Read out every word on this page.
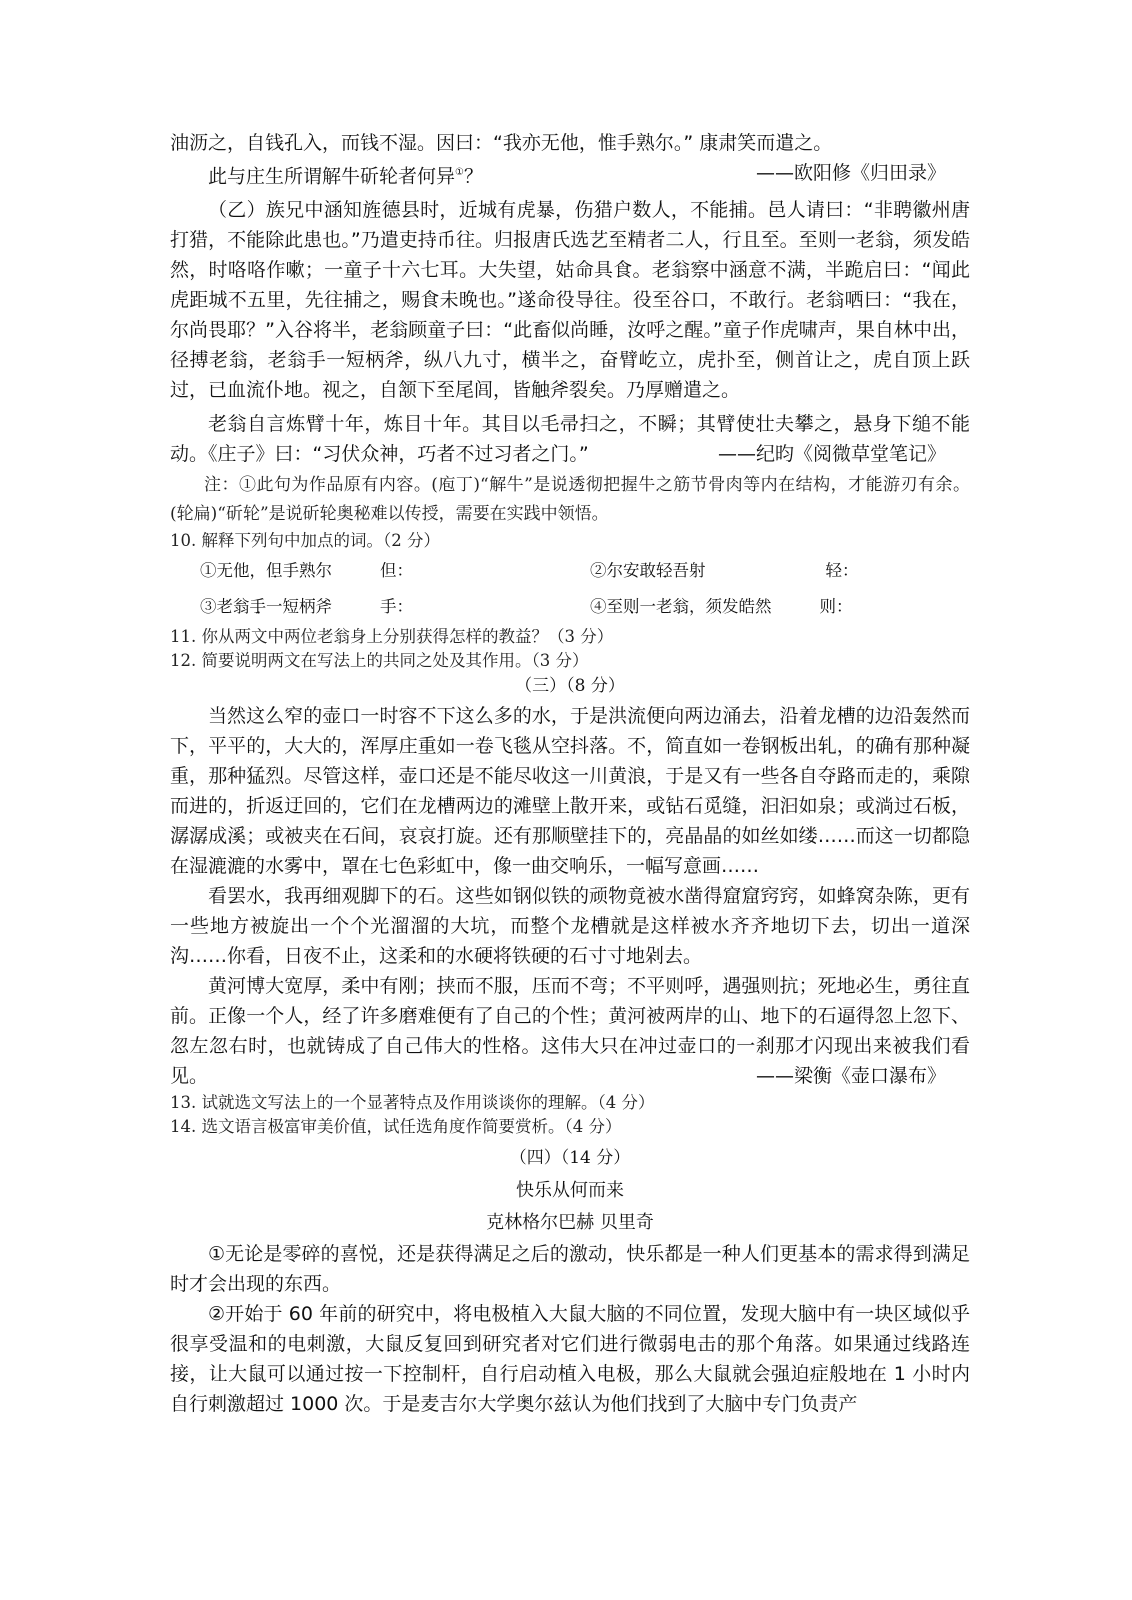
油沥之，自钱孔入，而钱不湿。因曰：“我亦无他，惟手熟尔。” 康肃笑而遣之。

此与庄生所谓解牛斫轮者何异①？	——欧阳修《归田录》

（乙）族兄中涵知旌德县时，近城有虎暴，伤猎户数人，不能捕。邑人请曰：“非聘徽州唐打猎，不能除此患也。”乃遣吏持币往。归报唐氏选艺至精者二人，行且至。至则一老翁，须发皓然，时咯咯作嗽；一童子十六七耳。大失望，姑命具食。老翁察中涵意不满，半跪启曰：“闻此虎距城不五里，先往捕之，赐食未晚也。”遂命役导往。役至谷口，不敢行。老翁哂曰：“我在，尔尚畏耶？”入谷将半，老翁顾童子曰：“此畜似尚睡，汝呼之醒。”童子作虎啸声，果自林中出，径搏老翁，老翁手一短柄斧，纵八九寸，横半之，奋臂屹立，虎扑至，侧首让之，虎自顶上跃过，已血流仆地。视之，自颔下至尾闾，皆触斧裂矣。乃厚赠遣之。

老翁自言炼臂十年，炼目十年。其目以毛帚扫之，不瞬；其臂使壮夫攀之，悬身下缒不能动。《庄子》曰：“习伏众神，巧者不过习者之门。”	——纪昀《阅微草堂笔记》

注：①此句为作品原有内容。(庖丁)“解牛”是说透彻把握牛之筋节骨肉等内在结构，才能游刃有余。(轮扁)“斫轮”是说斫轮奥秘难以传授，需要在实践中领悟。

10. 解释下列句中加点的词。（2 分）

①无他，但手熟尔	但：	②尔安敢轻吾射	轻：
③老翁手一短柄斧	手：	④至则一老翁，须发皓然	则：

11. 你从两文中两位老翁身上分别获得怎样的教益？（3 分）

12. 简要说明两文在写法上的共同之处及其作用。（3 分）

（三）（8 分）

当然这么窄的壶口一时容不下这么多的水，于是洪流便向两边涌去，沿着龙槽的边沿轰然而下，平平的，大大的，浑厚庄重如一卷飞毯从空抖落。不，简直如一卷钢板出轧，的确有那种凝重，那种猛烈。尽管这样，壶口还是不能尽收这一川黄浪，于是又有一些各自夺路而走的，乘隙而进的，折返迂回的，它们在龙槽两边的滩壁上散开来，或钻石觅缝，汩汩如泉；或淌过石板，潺潺成溪；或被夹在石间，哀哀打旋。还有那顺壁挂下的，亮晶晶的如丝如缕……而这一切都隐在湿漉漉的水雾中，罩在七色彩虹中，像一曲交响乐，一幅写意画……

看罢水，我再细观脚下的石。这些如钢似铁的顽物竟被水凿得窟窟窍窍，如蜂窝杂陈，更有一些地方被旋出一个个光溜溜的大坑，而整个龙槽就是这样被水齐齐地切下去，切出一道深沟……你看，日夜不止，这柔和的水硬将铁硬的石寸寸地剁去。

黄河博大宽厚，柔中有刚；挟而不服，压而不弯；不平则呼，遇强则抗；死地必生，勇往直前。正像一个人，经了许多磨难便有了自己的个性；黄河被两岸的山、地下的石逼得忽上忽下、忽左忽右时，也就铸成了自己伟大的性格。这伟大只在冲过壶口的一刹那才闪现出来被我们看见。	——梁衡《壶口瀑布》

13. 试就选文写法上的一个显著特点及作用谈谈你的理解。（4 分）

14. 选文语言极富审美价值，试任选角度作简要赏析。（4 分）

（四）（14 分）

快乐从何而来

克林格尔巴赫 贝里奇

①无论是零碎的喜悦，还是获得满足之后的激动，快乐都是一种人们更基本的需求得到满足时才会出现的东西。

②开始于 60 年前的研究中，将电极植入大鼠大脑的不同位置，发现大脑中有一块区域似乎很享受温和的电刺激，大鼠反复回到研究者对它们进行微弱电击的那个角落。如果通过线路连接，让大鼠可以通过按一下控制杆，自行启动植入电极，那么大鼠就会强迫症般地在 1 小时内自行刺激超过 1000 次。于是麦吉尔大学奥尔兹认为他们找到了大脑中专门负责产
